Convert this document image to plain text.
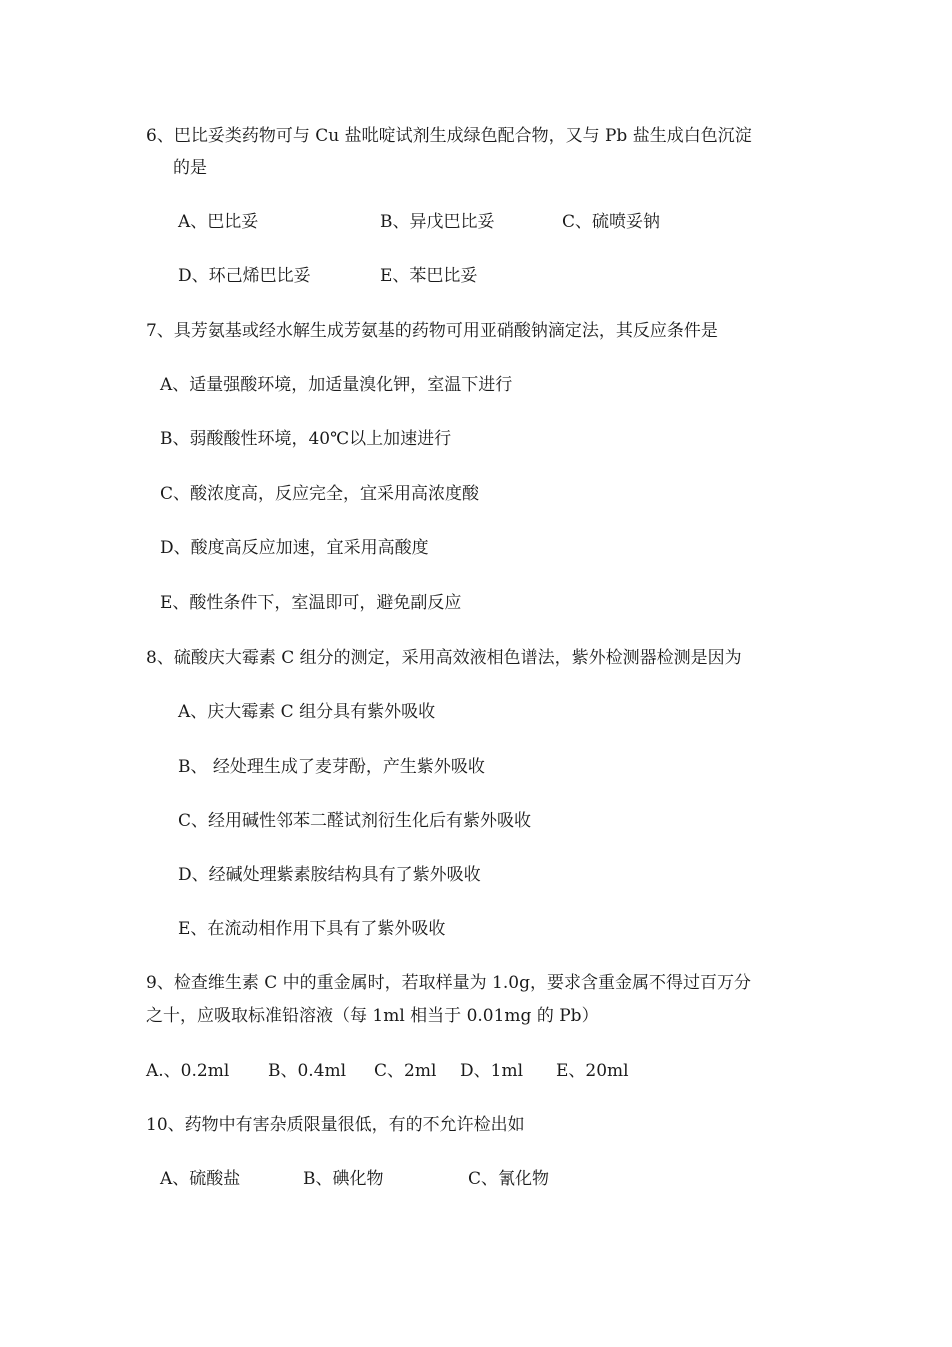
6、巴比妥类药物可与 Cu 盐吡啶试剂生成绿色配合物，又与 Pb 盐生成白色沉淀
的是
A、巴比妥	B、异戊巴比妥	C、硫喷妥钠
D、环己烯巴比妥	E、苯巴比妥
7、具芳氨基或经水解生成芳氨基的药物可用亚硝酸钠滴定法，其反应条件是
A、适量强酸环境，加适量溴化钾，室温下进行
B、弱酸酸性环境，40℃以上加速进行
C、酸浓度高，反应完全，宜采用高浓度酸
D、酸度高反应加速，宜采用高酸度
E、酸性条件下，室温即可，避免副反应
8、硫酸庆大霉素 C 组分的测定，采用高效液相色谱法，紫外检测器检测是因为
A、庆大霉素 C 组分具有紫外吸收
B、 经处理生成了麦芽酚，产生紫外吸收
C、经用碱性邻苯二醛试剂衍生化后有紫外吸收
D、经碱处理紫素胺结构具有了紫外吸收
E、在流动相作用下具有了紫外吸收
9、检查维生素 C 中的重金属时，若取样量为 1.0g，要求含重金属不得过百万分
之十，应吸取标准铅溶液（每 1ml 相当于 0.01mg 的 Pb）
A.、0.2ml B、0.4ml C、2ml D、1ml E、20ml
10、药物中有害杂质限量很低，有的不允许检出如
A、硫酸盐	B、碘化物	C、氰化物
